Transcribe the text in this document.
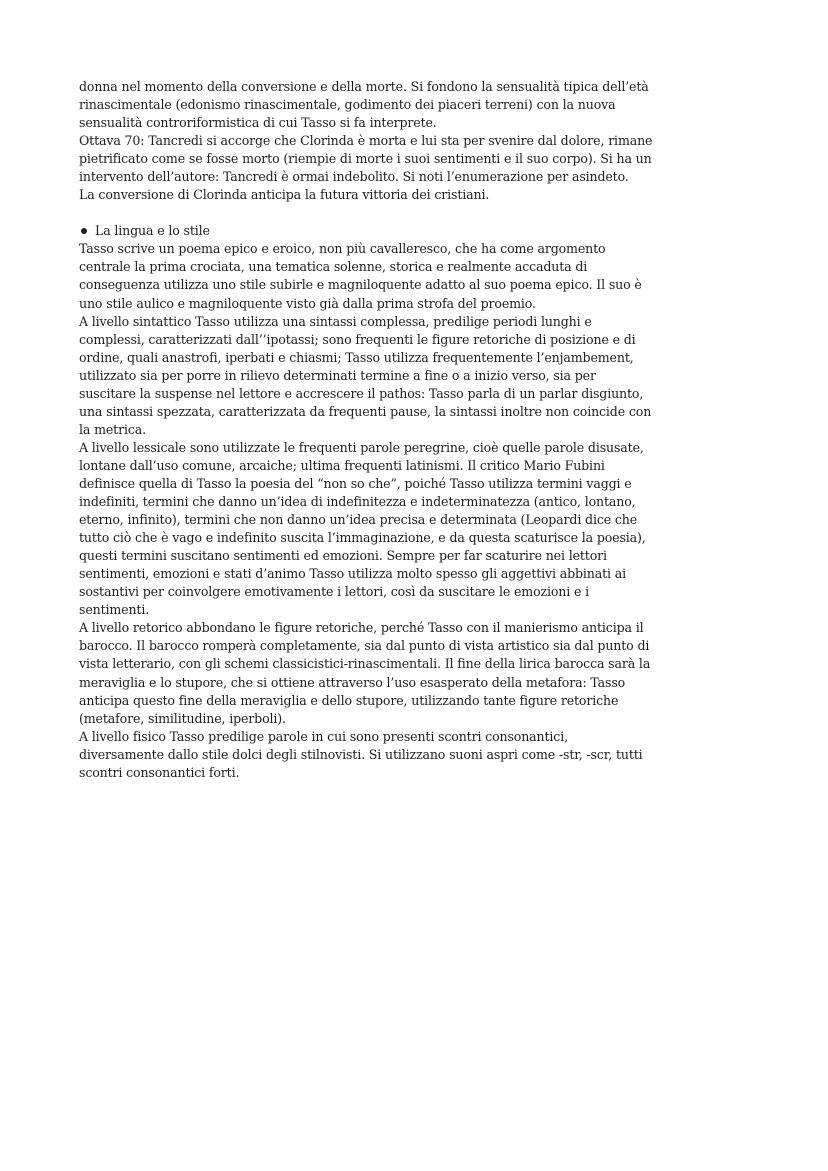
donna nel momento della conversione e della morte. Si fondono la sensualità tipica dell’età
rinascimentale (edonismo rinascimentale, godimento dei piaceri terreni) con la nuova
sensualità controriformistica di cui Tasso si fa interprete.
Ottava 70: Tancredi si accorge che Clorinda è morta e lui sta per svenire dal dolore, rimane
pietrificato come se fosse morto (riempie di morte i suoi sentimenti e il suo corpo). Si ha un
intervento dell’autore: Tancredi è ormai indebolito. Si noti l’enumerazione per asindeto.
La conversione di Clorinda anticipa la futura vittoria dei cristiani.
La lingua e lo stile
Tasso scrive un poema epico e eroico, non più cavalleresco, che ha come argomento
centrale la prima crociata, una tematica solenne, storica e realmente accaduta di
conseguenza utilizza uno stile subirle e magniloquente adatto al suo poema epico. Il suo è
uno stile aulico e magniloquente visto già dalla prima strofa del proemio.
A livello sintattico Tasso utilizza una sintassi complessa, predilige periodi lunghi e
complessi, caratterizzati dall’’ipotassi; sono frequenti le figure retoriche di posizione e di
ordine, quali anastrofi, iperbati e chiasmi; Tasso utilizza frequentemente l’enjambement,
utilizzato sia per porre in rilievo determinati termine a fine o a inizio verso, sia per
suscitare la suspense nel lettore e accrescere il pathos: Tasso parla di un parlar disgiunto,
una sintassi spezzata, caratterizzata da frequenti pause, la sintassi inoltre non coincide con
la metrica.
A livello lessicale sono utilizzate le frequenti parole peregrine, cioè quelle parole disusate,
lontane dall’uso comune, arcaiche; ultima frequenti latinismi. Il critico Mario Fubini
definisce quella di Tasso la poesia del “non so che”, poiché Tasso utilizza termini vaggi e
indefiniti, termini che danno un’idea di indefinitezza e indeterminatezza (antico, lontano,
eterno, infinito), termini che non danno un’idea precisa e determinata (Leopardi dice che
tutto ciò che è vago e indefinito suscita l’immaginazione, e da questa scaturisce la poesia),
questi termini suscitano sentimenti ed emozioni. Sempre per far scaturire nei lettori
sentimenti, emozioni e stati d’animo Tasso utilizza molto spesso gli aggettivi abbinati ai
sostantivi per coinvolgere emotivamente i lettori, così da suscitare le emozioni e i
sentimenti.
A livello retorico abbondano le figure retoriche, perché Tasso con il manierismo anticipa il
barocco. Il barocco romperà completamente, sia dal punto di vista artistico sia dal punto di
vista letterario, con gli schemi classicistici-rinascimentali. Il fine della lirica barocca sarà la
meraviglia e lo stupore, che si ottiene attraverso l’uso esasperato della metafora: Tasso
anticipa questo fine della meraviglia e dello stupore, utilizzando tante figure retoriche
(metafore, similitudine, iperboli).
A livello fisico Tasso predilige parole in cui sono presenti scontri consonantici,
diversamente dallo stile dolci degli stilnovisti. Si utilizzano suoni aspri come -str, -scr, tutti
scontri consonantici forti.
